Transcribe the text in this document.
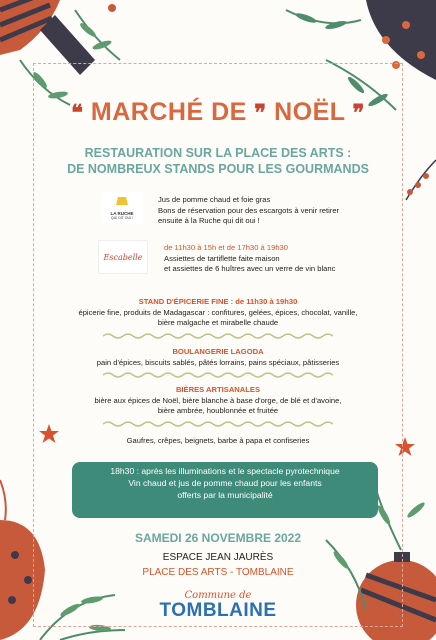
❝ MARCHÉ DE ❞ NOËL ❞
RESTAURATION SUR LA PLACE DES ARTS :
DE NOMBREUX STANDS POUR LES GOURMANDS
LA RUCHE
QUI DIT OUI !
Jus de pomme chaud et foie gras
Bons de réservation pour des escargots à venir retirer
ensuite à la Ruche qui dit oui !
Escabelle
de 11h30 à 15h et de 17h30 à 19h30
Assiettes de tartiflette faite maison
et assiettes de 6 huîtres avec un verre de vin blanc
STAND D'ÉPICERIE FINE : de 11h30 à 19h30
épicerie fine, produits de Madagascar : confitures, gelées, épices, chocolat, vanille,
bière malgache et mirabelle chaude
BOULANGERIE LAGODA
pain d'épices, biscuits sablés, pâtés lorrains, pains spéciaux, pâtisseries
BIÈRES ARTISANALES
bière aux épices de Noël, bière blanche à base d'orge, de blé et d'avoine,
bière ambrée, houblonnée et fruitée
Gaufres, crêpes, beignets, barbe à papa et confiseries
18h30 : après les illuminations et le spectacle pyrotechnique
Vin chaud et jus de pomme chaud pour les enfants
offerts par la municipalité
SAMEDI 26 NOVEMBRE 2022
ESPACE JEAN JAURÈS
PLACE DES ARTS - TOMBLAINE
Commune de
TOMBLAINE
